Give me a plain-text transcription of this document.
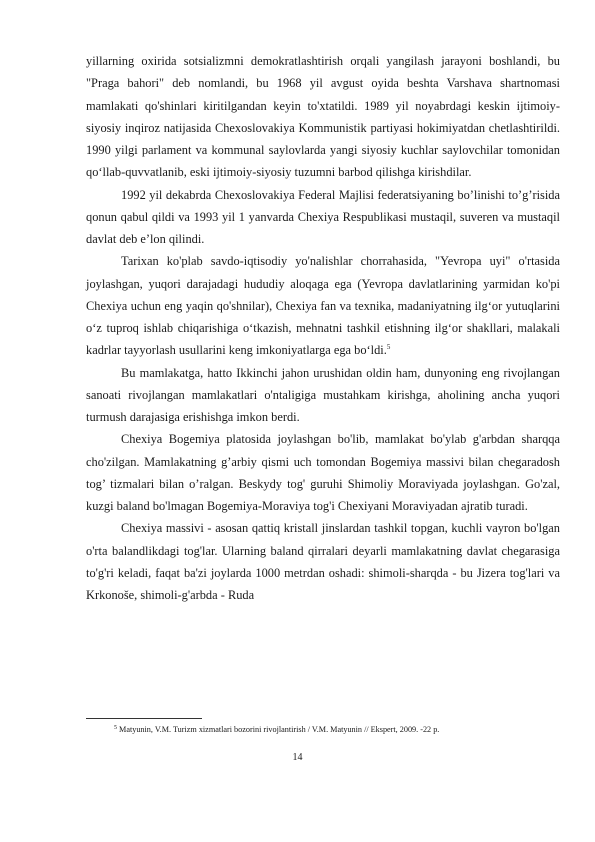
yillarning oxirida sotsializmni demokratlashtirish orqali yangilash jarayoni boshlandi, bu "Praga bahori" deb nomlandi, bu 1968 yil avgust oyida beshta Varshava shartnomasi mamlakati qo'shinlari kiritilgandan keyin to'xtatildi. 1989 yil noyabrdagi keskin ijtimoiy-siyosiy inqiroz natijasida Chexoslovakiya Kommunistik partiyasi hokimiyatdan chetlashtirildi. 1990 yilgi parlament va kommunal saylovlarda yangi siyosiy kuchlar saylovchilar tomonidan qo‘llab-quvvatlanib, eski ijtimoiy-siyosiy tuzumni barbod qilishga kirishdilar.

1992 yil dekabrda Chexoslovakiya Federal Majlisi federatsiyaning bo’linishi to’g’risida qonun qabul qildi va 1993 yil 1 yanvarda Chexiya Respublikasi mustaqil, suveren va mustaqil davlat deb e’lon qilindi.

Tarixan ko'plab savdo-iqtisodiy yo'nalishlar chorrahasida, "Yevropa uyi" o'rtasida joylashgan, yuqori darajadagi hududiy aloqaga ega (Yevropa davlatlarining yarmidan ko'pi Chexiya uchun eng yaqin qo'shnilar), Chexiya fan va texnika, madaniyatning ilg‘or yutuqlarini o‘z tuproq ishlab chiqarishiga o‘tkazish, mehnatni tashkil etishning ilg‘or shakllari, malakali kadrlar tayyorlash usullarini keng imkoniyatlarga ega bo‘ldi.$^5$

Bu mamlakatga, hatto Ikkinchi jahon urushidan oldin ham, dunyoning eng rivojlangan sanoati rivojlangan mamlakatlari o'ntaligiga mustahkam kirishga, aholining ancha yuqori turmush darajasiga erishishga imkon berdi.

Chexiya Bogemiya platosida joylashgan bo'lib, mamlakat bo'ylab g'arbdan sharqqa cho'zilgan. Mamlakatning g’arbiy qismi uch tomondan Bogemiya massivi bilan chegaradosh tog’ tizmalari bilan o’ralgan. Beskydy tog' guruhi Shimoliy Moraviyada joylashgan. Go'zal, kuzgi baland bo'lmagan Bogemiya-Moraviya tog'i Chexiyani Moraviyadan ajratib turadi.

Chexiya massivi - asosan qattiq kristall jinslardan tashkil topgan, kuchli vayron bo'lgan o'rta balandlikdagi tog'lar. Ularning baland qirralari deyarli mamlakatning davlat chegarasiga to'g'ri keladi, faqat ba'zi joylarda 1000 metrdan oshadi: shimoli-sharqda - bu Jizera tog'lari va Krkonoše, shimoli-g'arbda - Ruda

$^5$ Matyunin, V.M. Turizm xizmatlari bozorini rivojlantirish / V.M. Matyunin // Ekspert, 2009. -22 p.
14
